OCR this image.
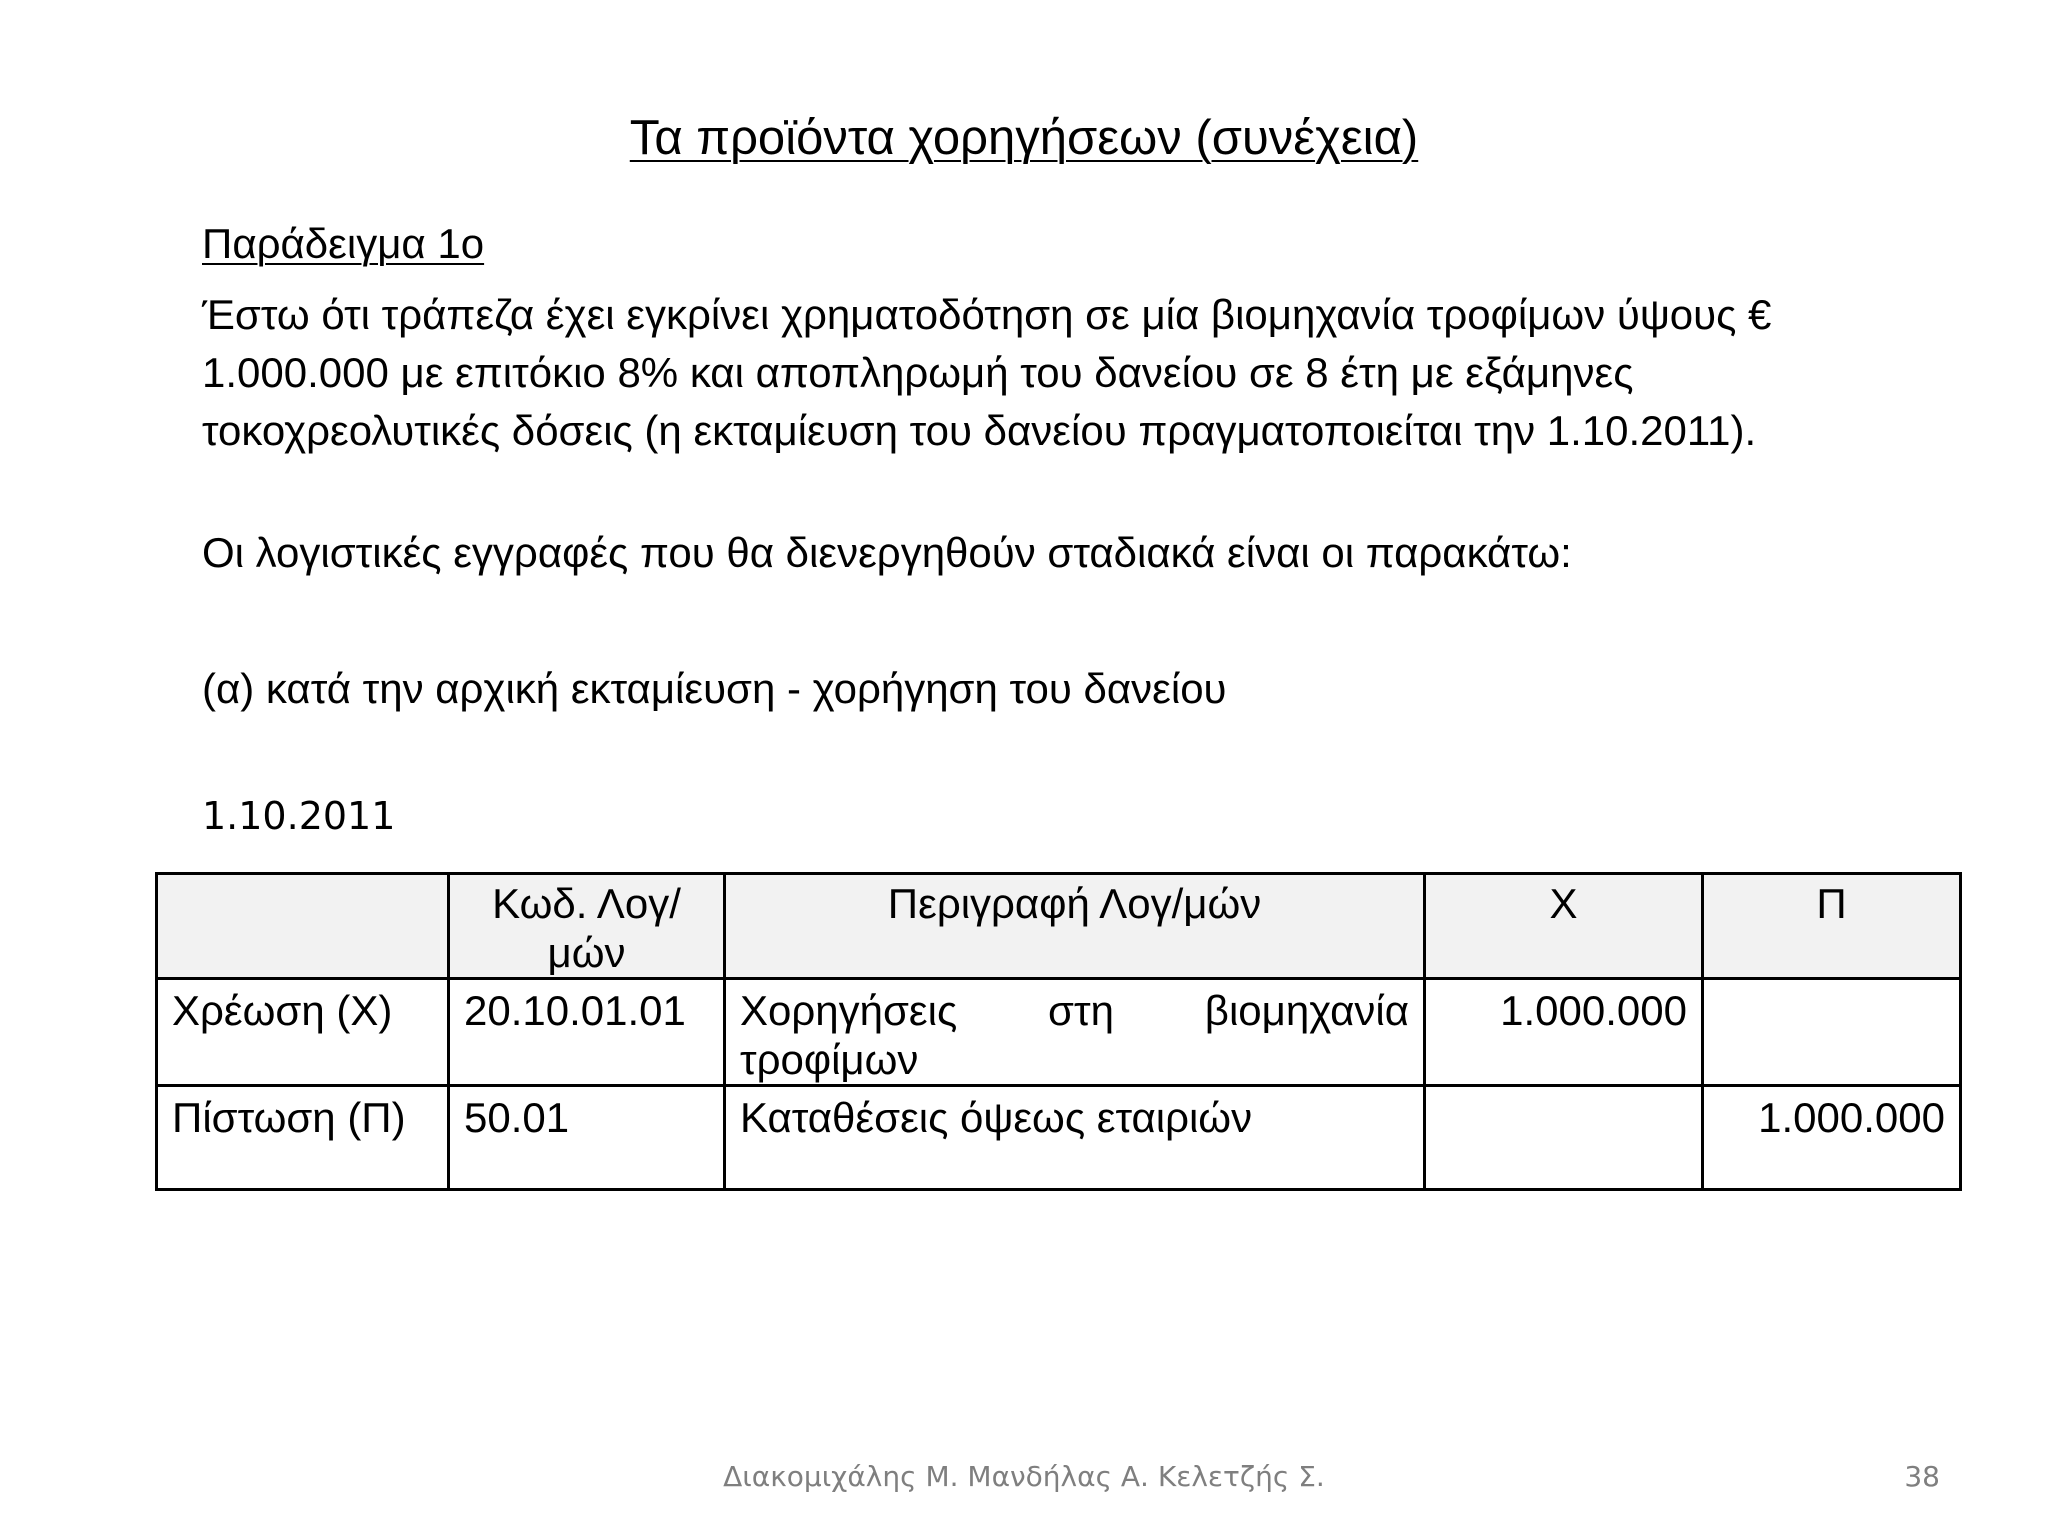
Τα προϊόντα χορηγήσεων (συνέχεια)
Παράδειγμα 1ο
Έστω ότι τράπεζα έχει εγκρίνει χρηματοδότηση σε μία βιομηχανία τροφίμων ύψους € 1.000.000 με επιτόκιο 8% και αποπληρωμή του δανείου σε 8 έτη με εξάμηνες τοκοχρεολυτικές δόσεις (η εκταμίευση του δανείου πραγματοποιείται την 1.10.2011).
Οι λογιστικές εγγραφές που θα διενεργηθούν σταδιακά είναι οι παρακάτω:
(α) κατά την αρχική εκταμίευση - χορήγηση του δανείου
1.10.2011
	Κωδ. Λογ/μών	Περιγραφή Λογ/μών	Χ	Π
Χρέωση (Χ)	20.10.01.01	Χορηγήσεις στη βιομηχανία τροφίμων	1.000.000	
Πίστωση (Π)	50.01	Καταθέσεις όψεως εταιριών		1.000.000
Διακομιχάλης Μ. Μανδήλας Α. Κελετζής Σ.	38
